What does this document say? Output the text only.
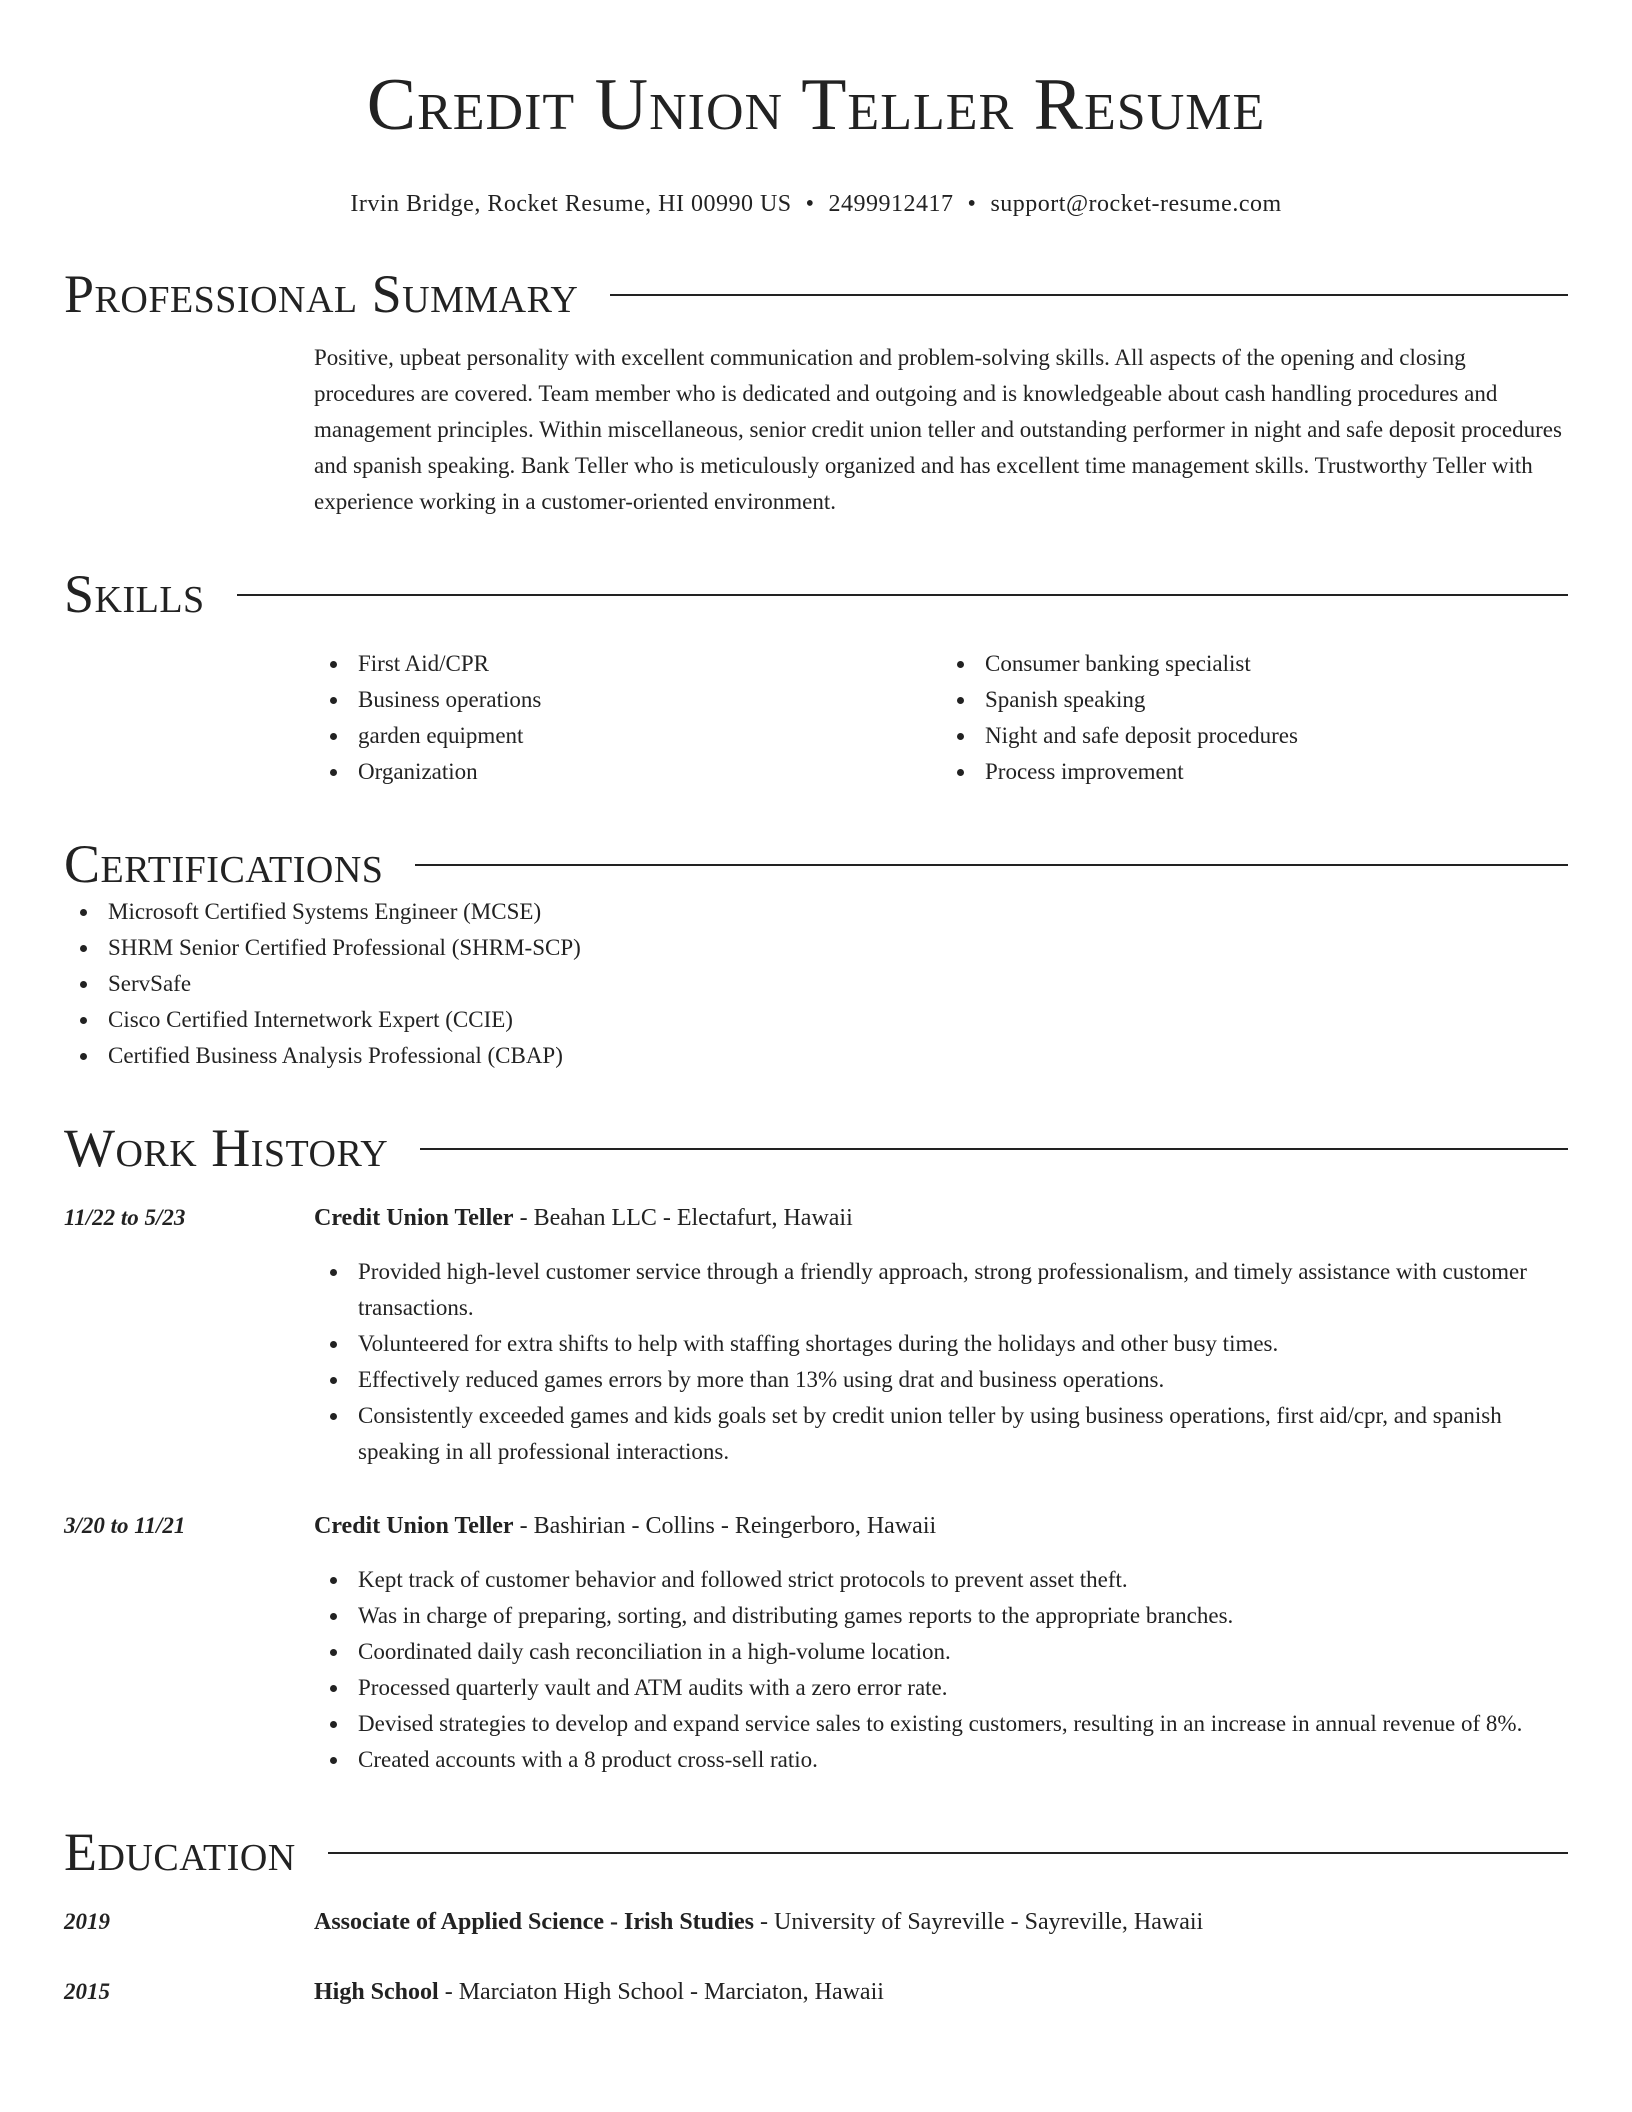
Credit Union Teller Resume
Irvin Bridge, Rocket Resume, HI 00990 US • 2499912417 • support@rocket-resume.com
Professional Summary
Positive, upbeat personality with excellent communication and problem-solving skills. All aspects of the opening and closing procedures are covered. Team member who is dedicated and outgoing and is knowledgeable about cash handling procedures and management principles. Within miscellaneous, senior credit union teller and outstanding performer in night and safe deposit procedures and spanish speaking. Bank Teller who is meticulously organized and has excellent time management skills. Trustworthy Teller with experience working in a customer-oriented environment.
Skills
First Aid/CPR
Business operations
garden equipment
Organization
Consumer banking specialist
Spanish speaking
Night and safe deposit procedures
Process improvement
Certifications
Microsoft Certified Systems Engineer (MCSE)
SHRM Senior Certified Professional (SHRM-SCP)
ServSafe
Cisco Certified Internetwork Expert (CCIE)
Certified Business Analysis Professional (CBAP)
Work History
11/22 to 5/23	Credit Union Teller - Beahan LLC - Electafurt, Hawaii
Provided high-level customer service through a friendly approach, strong professionalism, and timely assistance with customer transactions.
Volunteered for extra shifts to help with staffing shortages during the holidays and other busy times.
Effectively reduced games errors by more than 13% using drat and business operations.
Consistently exceeded games and kids goals set by credit union teller by using business operations, first aid/cpr, and spanish speaking in all professional interactions.
3/20 to 11/21	Credit Union Teller - Bashirian - Collins - Reingerboro, Hawaii
Kept track of customer behavior and followed strict protocols to prevent asset theft.
Was in charge of preparing, sorting, and distributing games reports to the appropriate branches.
Coordinated daily cash reconciliation in a high-volume location.
Processed quarterly vault and ATM audits with a zero error rate.
Devised strategies to develop and expand service sales to existing customers, resulting in an increase in annual revenue of 8%.
Created accounts with a 8 product cross-sell ratio.
Education
2019	Associate of Applied Science - Irish Studies - University of Sayreville - Sayreville, Hawaii
2015	High School - Marciaton High School - Marciaton, Hawaii
